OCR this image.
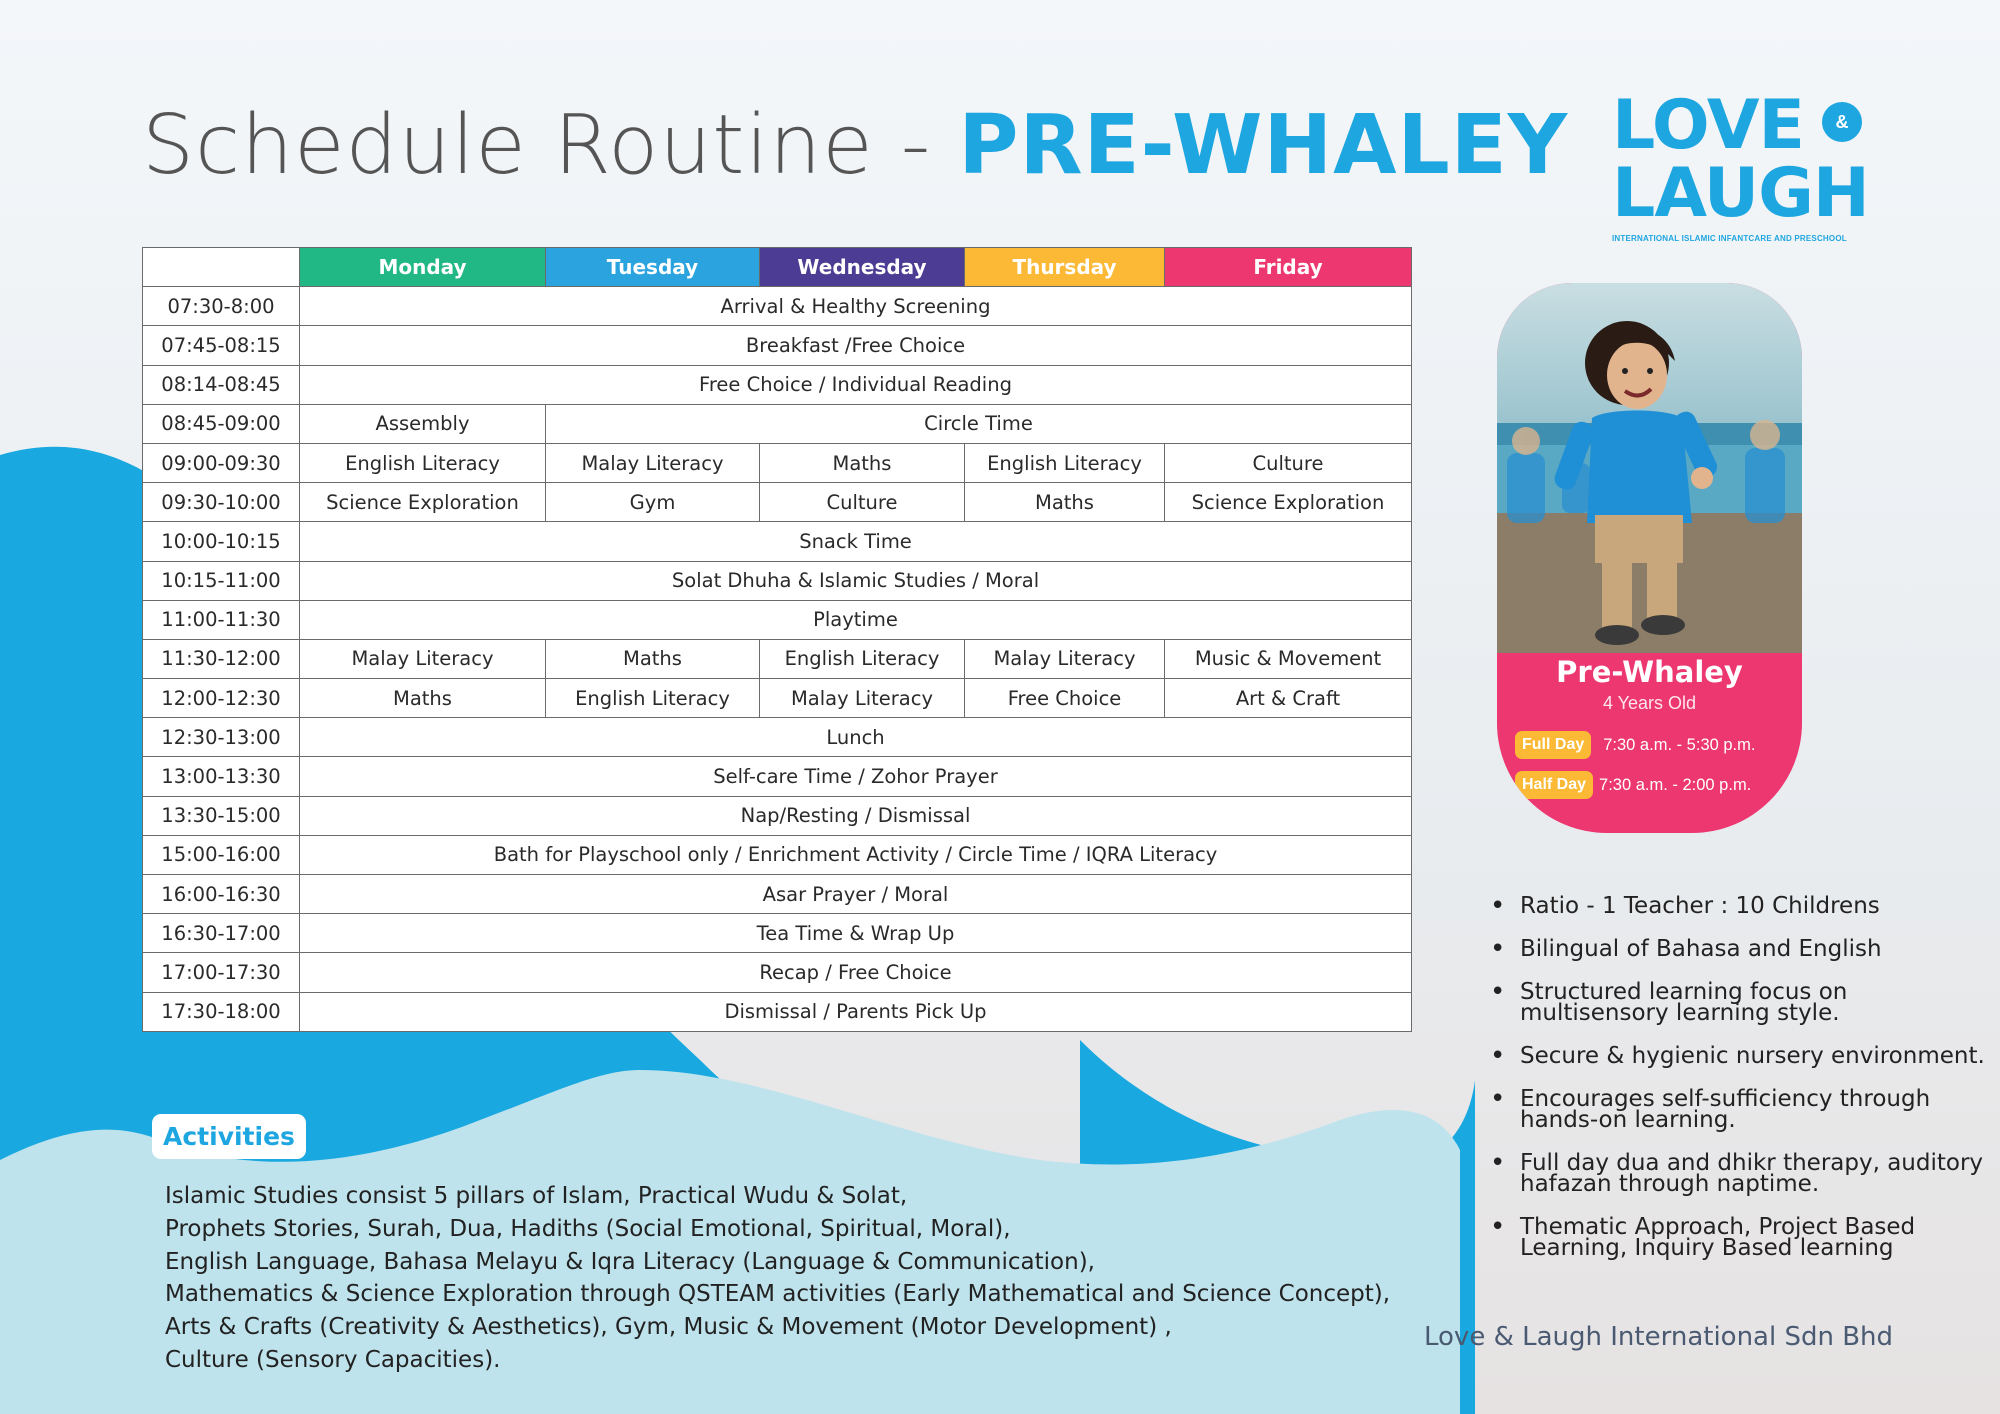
Schedule Routine - PRE-WHALEY LOVE	&
LAUGH
INTERNATIONAL ISLAMIC INFANTCARE AND PRESCHOOL
	Monday	Tuesday	Wednesday	Thursday	Friday
07:30-8:00	Arrival & Healthy Screening				
07:45-08:15	Breakfast /Free Choice				
08:14-08:45	Free Choice / Individual Reading				
08:45-09:00	Assembly	Circle Time			
09:00-09:30	English Literacy	Malay Literacy	Maths	English Literacy	Culture
09:30-10:00	Science Exploration	Gym	Culture	Maths	Science Exploration
10:00-10:15	Snack Time				
10:15-11:00	Solat Dhuha & Islamic Studies / Moral				
11:00-11:30	Playtime				
11:30-12:00	Malay Literacy	Maths	English Literacy	Malay Literacy	Music & Movement
12:00-12:30	Maths	English Literacy	Malay Literacy	Free Choice	Art & Craft
12:30-13:00	Lunch				
13:00-13:30	Self-care Time / Zohor Prayer				
13:30-15:00	Nap/Resting / Dismissal				
15:00-16:00	Bath for Playschool only / Enrichment Activity / Circle Time / IQRA Literacy				
16:00-16:30	Asar Prayer / Moral				
16:30-17:00	Tea Time & Wrap Up				
17:00-17:30	Recap / Free Choice				
17:30-18:00	Dismissal / Parents Pick Up				
Activities
Islamic Studies consist 5 pillars of Islam, Practical Wudu & Solat,
Prophets Stories, Surah, Dua, Hadiths (Social Emotional, Spiritual, Moral),
English Language, Bahasa Melayu & Iqra Literacy (Language & Communication),
Mathematics & Science Exploration through QSTEAM activities (Early Mathematical and Science Concept),
Arts & Crafts (Creativity & Aesthetics), Gym, Music & Movement (Motor Development) ,
Culture (Sensory Capacities).
Pre-Whaley
4 Years Old
Full Day	7:30 a.m. - 5:30 p.m.
Half Day 7:30 a.m. - 2:00 p.m.
• Ratio - 1 Teacher : 10 Childrens
• Bilingual of Bahasa and English
• Structured learning focus on multisensory learning style.
• Secure & hygienic nursery environment.
• Encourages self-sufficiency through hands-on learning.
• Full day dua and dhikr therapy, auditory hafazan through naptime.
• Thematic Approach, Project Based Learning, Inquiry Based learning
Love & Laugh International Sdn Bhd
